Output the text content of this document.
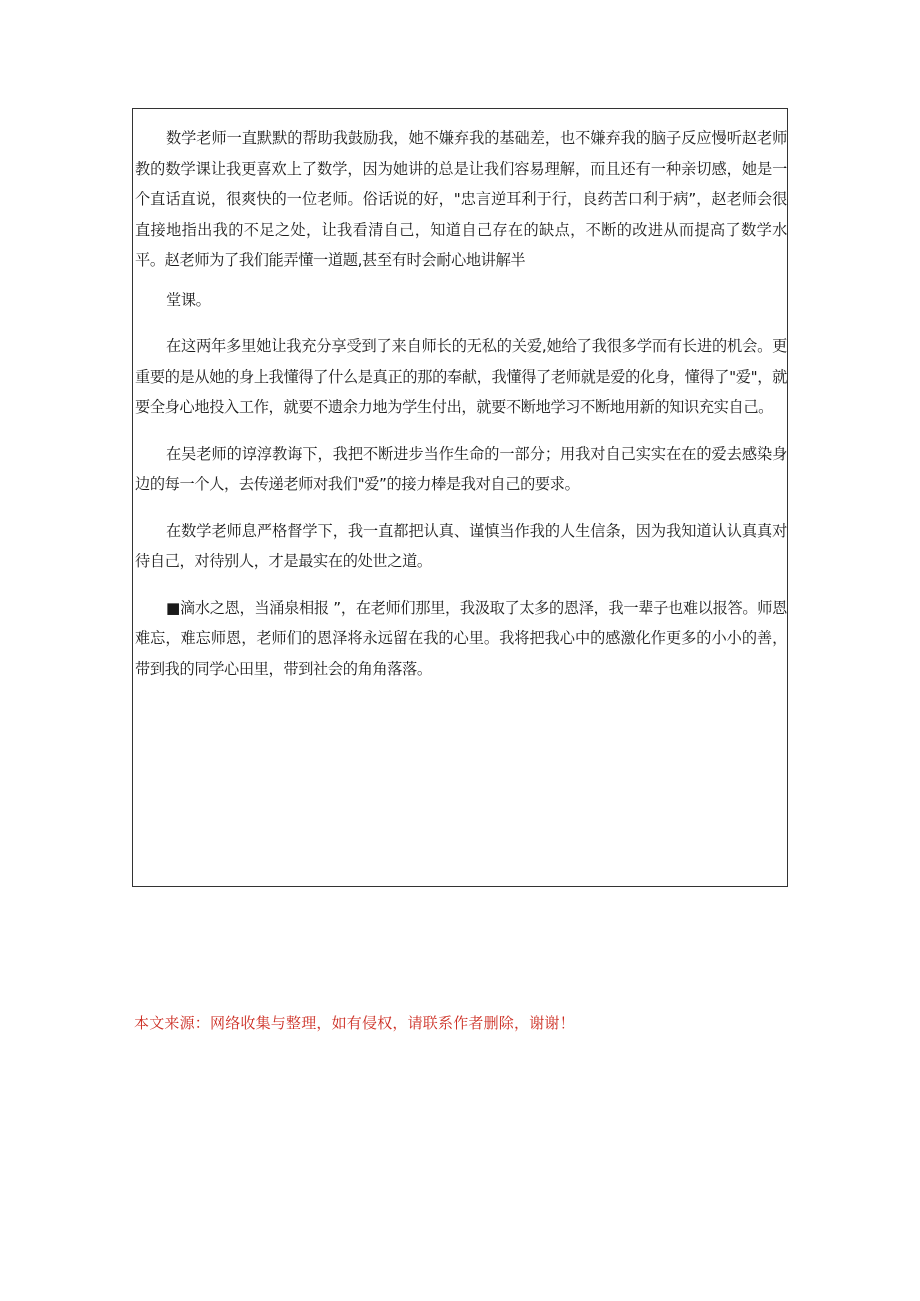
数学老师一直默默的帮助我鼓励我，她不嫌弃我的基础差，也不嫌弃我的脑子反应慢听赵老师教的数学课让我更喜欢上了数学，因为她讲的总是让我们容易理解，而且还有一种亲切感，她是一个直话直说，很爽快的一位老师。俗话说的好，"忠言逆耳利于行，良药苦口利于病”，赵老师会很直接地指出我的不足之处，让我看清自己，知道自己存在的缺点，不断的改进从而提高了数学水平。赵老师为了我们能弄懂一道题,甚至有时会耐心地讲解半

堂课。

在这两年多里她让我充分享受到了来自师长的无私的关爱,她给了我很多学而有长进的机会。更重要的是从她的身上我懂得了什么是真正的那的奉献，我懂得了老师就是爱的化身，懂得了"爱"，就要全身心地投入工作，就要不遗余力地为学生付出，就要不断地学习不断地用新的知识充实自己。

在吴老师的谆淳教诲下，我把不断进步当作生命的一部分；用我对自己实实在在的爱去感染身边的每一个人，去传递老师对我们"爱”的接力棒是我对自己的要求。

在数学老师息严格督学下，我一直都把认真、谨慎当作我的人生信条，因为我知道认认真真对待自己，对待别人，才是最实在的处世之道。

■滴水之恩，当涌泉相报 ”，在老师们那里，我汲取了太多的恩泽，我一辈子也难以报答。师恩难忘，难忘师恩，老师们的恩泽将永远留在我的心里。我将把我心中的感激化作更多的小小的善，带到我的同学心田里，带到社会的角角落落。

本文来源：网络收集与整理，如有侵权，请联系作者删除，谢谢！
